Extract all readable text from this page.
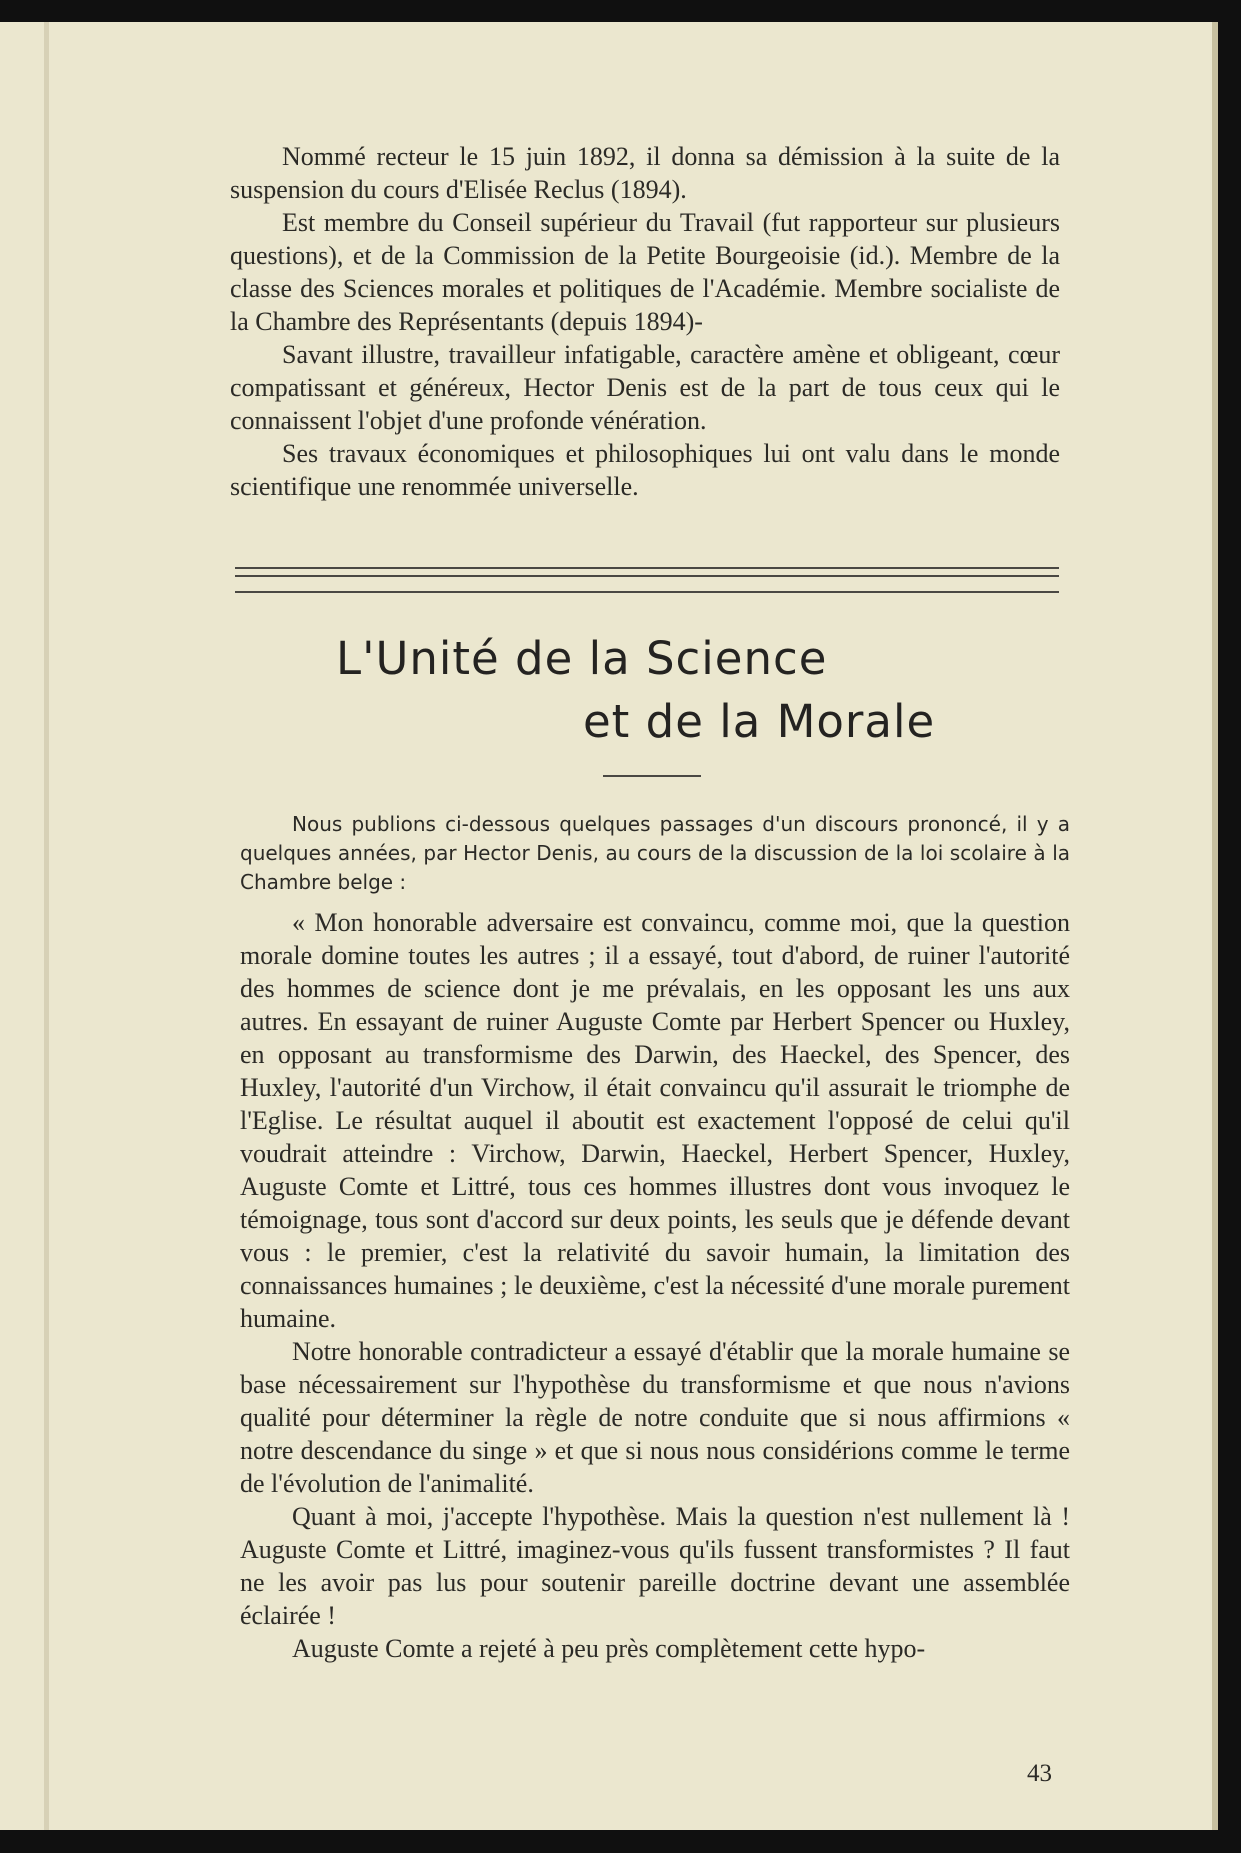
Nommé recteur le 15 juin 1892, il donna sa démission à la suite de la suspension du cours d'Elisée Reclus (1894).

Est membre du Conseil supérieur du Travail (fut rapporteur sur plusieurs questions), et de la Commission de la Petite Bourgeoisie (id.). Membre de la classe des Sciences morales et politiques de l'Académie. Membre socialiste de la Chambre des Représentants (depuis 1894)-

Savant illustre, travailleur infatigable, caractère amène et obligeant, cœur compatissant et généreux, Hector Denis est de la part de tous ceux qui le connaissent l'objet d'une profonde vénération.

Ses travaux économiques et philosophiques lui ont valu dans le monde scientifique une renommée universelle.

L'Unité de la Science
et de la Morale

Nous publions ci-dessous quelques passages d'un discours prononcé, il y a quelques années, par Hector Denis, au cours de la discussion de la loi scolaire à la Chambre belge :

« Mon honorable adversaire est convaincu, comme moi, que la question morale domine toutes les autres ; il a essayé, tout d'abord, de ruiner l'autorité des hommes de science dont je me prévalais, en les opposant les uns aux autres. En essayant de ruiner Auguste Comte par Herbert Spencer ou Huxley, en opposant au transformisme des Darwin, des Haeckel, des Spencer, des Huxley, l'autorité d'un Virchow, il était convaincu qu'il assurait le triomphe de l'Eglise. Le résultat auquel il aboutit est exactement l'opposé de celui qu'il voudrait atteindre : Virchow, Darwin, Haeckel, Herbert Spencer, Huxley, Auguste Comte et Littré, tous ces hommes illustres dont vous invoquez le témoignage, tous sont d'accord sur deux points, les seuls que je défende devant vous : le premier, c'est la relativité du savoir humain, la limitation des connaissances humaines ; le deuxième, c'est la nécessité d'une morale purement humaine.

Notre honorable contradicteur a essayé d'établir que la morale humaine se base nécessairement sur l'hypothèse du transformisme et que nous n'avions qualité pour déterminer la règle de notre conduite que si nous affirmions « notre descendance du singe » et que si nous nous considérions comme le terme de l'évolution de l'animalité.

Quant à moi, j'accepte l'hypothèse. Mais la question n'est nullement là ! Auguste Comte et Littré, imaginez-vous qu'ils fussent transformistes ? Il faut ne les avoir pas lus pour soutenir pareille doctrine devant une assemblée éclairée !

Auguste Comte a rejeté à peu près complètement cette hypo-

43
